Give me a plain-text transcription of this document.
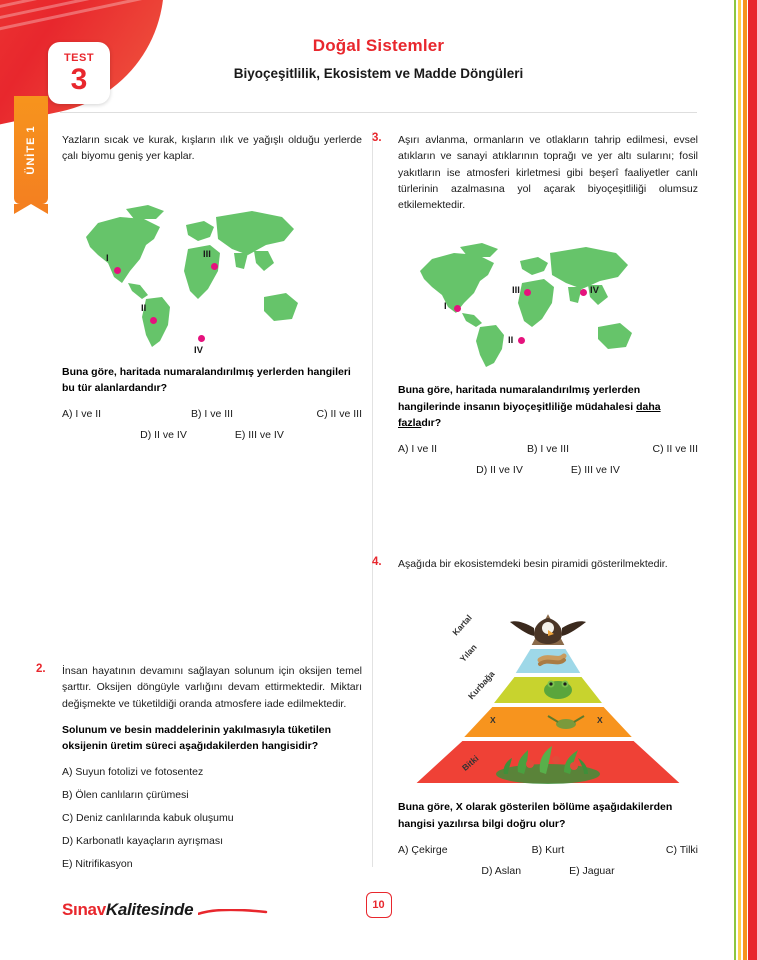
TEST
3
ÜNİTE 1
Doğal Sistemler
Biyoçeşitlilik, Ekosistem ve Madde Döngüleri
Yazların sıcak ve kurak, kışların ılık ve yağışlı olduğu yerlerde çalı biyomu geniş yer kaplar.
I
II
III
IV
Buna göre, haritada numaralandırılmış yerlerden hangileri bu tür alanlardandır?
A) I ve II	B) I ve III	C) II ve III
D) II ve IV	E) III ve IV
2. İnsan hayatının devamını sağlayan solunum için oksijen temel şarttır. Oksijen döngüyle varlığını devam ettirmektedir. Miktarı değişmekte ve tüketildiği oranda atmosfere iade edilmektedir.
Solunum ve besin maddelerinin yakılmasıyla tüketilen oksijenin üretim süreci aşağıdakilerden hangisidir?
A) Suyun fotolizi ve fotosentez
B) Ölen canlıların çürümesi
C) Deniz canlılarında kabuk oluşumu
D) Karbonatlı kayaçların ayrışması
E) Nitrifikasyon
3. Aşırı avlanma, ormanların ve otlakların tahrip edilmesi, evsel atıkların ve sanayi atıklarının toprağı ve yer altı sularını; fosil yakıtların ise atmosferi kirletmesi gibi beşerî faaliyetler canlı türlerinin azalmasına yol açarak biyoçeşitliliği olumsuz etkilemektedir.
I
II
III	IV
Buna göre, haritada numaralandırılmış yerlerden hangilerinde insanın biyoçeşitliliğe müdahalesi daha fazladır?
A) I ve II	B) I ve III	C) II ve III
D) II ve IV	E) III ve IV
4. Aşağıda bir ekosistemdeki besin piramidi gösterilmektedir.
Kartal
Yılan
Kurbağa
X
Bitki
X
Buna göre, X olarak gösterilen bölüme aşağıdakilerden hangisi yazılırsa bilgi doğru olur?
A) Çekirge	B) Kurt	C) Tilki
D) Aslan	E) Jaguar
SınavKalitesinde	10
